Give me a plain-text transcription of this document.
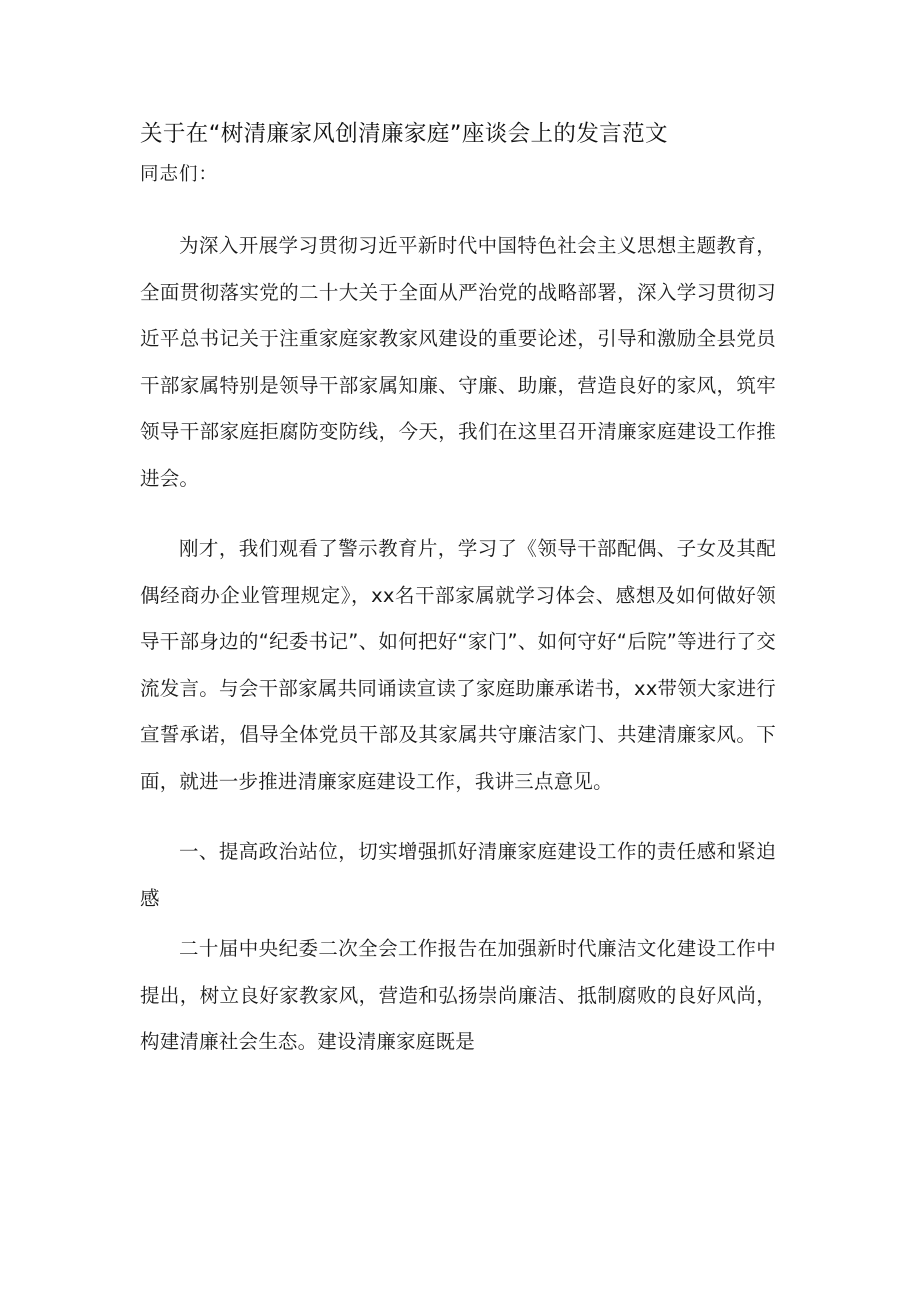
关于在“树清廉家风创清廉家庭”座谈会上的发言范文

同志们：

为深入开展学习贯彻习近平新时代中国特色社会主义思想主题教育，全面贯彻落实党的二十大关于全面从严治党的战略部署，深入学习贯彻习近平总书记关于注重家庭家教家风建设的重要论述，引导和激励全县党员干部家属特别是领导干部家属知廉、守廉、助廉，营造良好的家风，筑牢领导干部家庭拒腐防变防线，今天，我们在这里召开清廉家庭建设工作推进会。

刚才，我们观看了警示教育片，学习了《领导干部配偶、子女及其配偶经商办企业管理规定》，xx名干部家属就学习体会、感想及如何做好领导干部身边的“纪委书记”、如何把好“家门”、如何守好“后院”等进行了交流发言。与会干部家属共同诵读宣读了家庭助廉承诺书，xx带领大家进行宣誓承诺，倡导全体党员干部及其家属共守廉洁家门、共建清廉家风。下面，就进一步推进清廉家庭建设工作，我讲三点意见。

一、提高政治站位，切实增强抓好清廉家庭建设工作的责任感和紧迫感

二十届中央纪委二次全会工作报告在加强新时代廉洁文化建设工作中提出，树立良好家教家风，营造和弘扬崇尚廉洁、抵制腐败的良好风尚，构建清廉社会生态。建设清廉家庭既是
